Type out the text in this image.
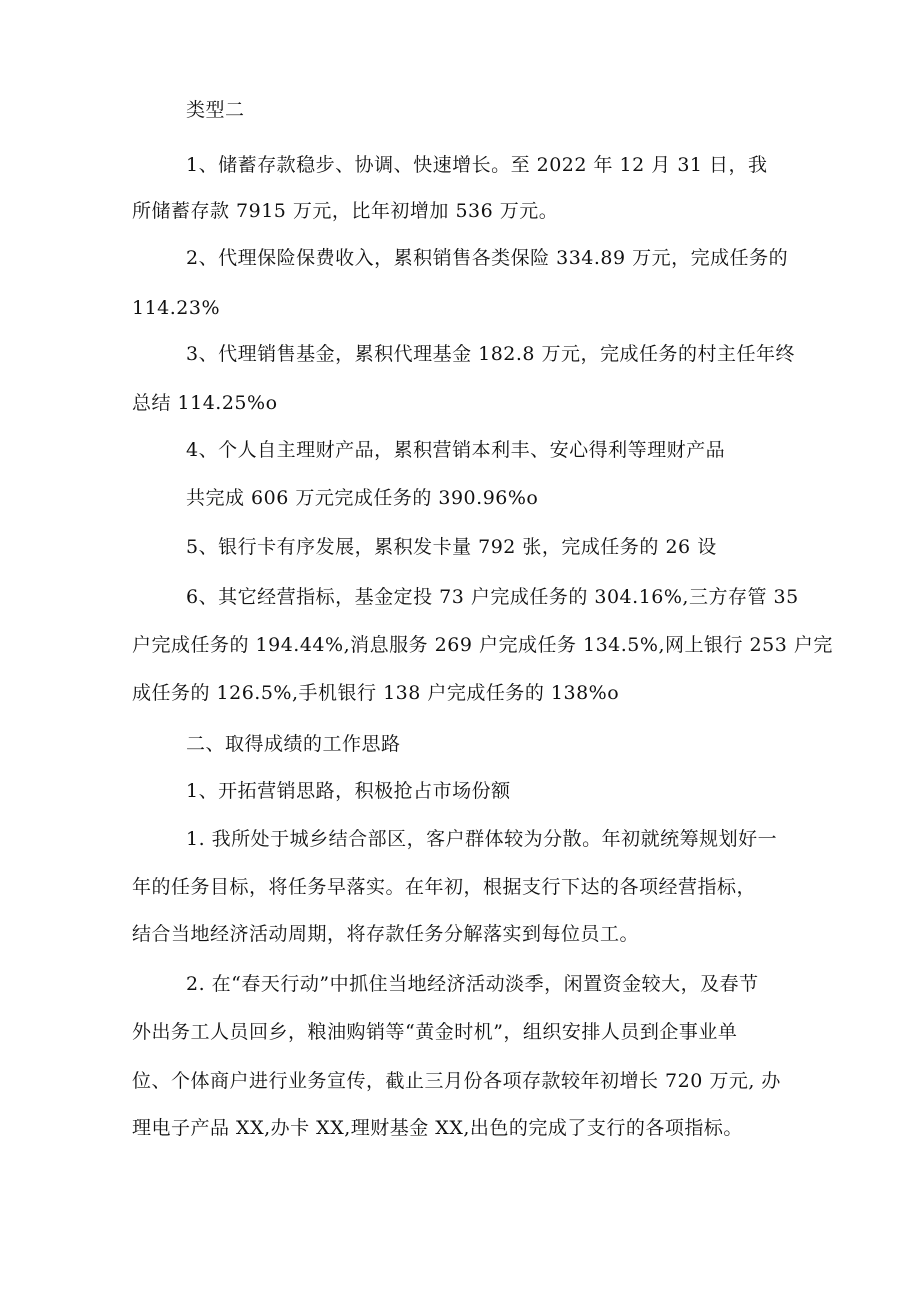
类型二
1、储蓄存款稳步、协调、快速增长。至 2022 年 12 月 31 日，我
所储蓄存款 7915 万元，比年初增加 536 万元。
2、代理保险保费收入，累积销售各类保险 334.89 万元，完成任务的
114.23%
3、代理销售基金，累积代理基金 182.8 万元，完成任务的村主任年终
总结 114.25%o
4、个人自主理财产品，累积营销本利丰、安心得利等理财产品
共完成 606 万元完成任务的 390.96%o
5、银行卡有序发展，累积发卡量 792 张，完成任务的 26 设
6、其它经营指标，基金定投 73 户完成任务的 304.16%,三方存管 35
户完成任务的 194.44%,消息服务 269 户完成任务 134.5%,网上银行 253 户完
成任务的 126.5%,手机银行 138 户完成任务的 138%o
二、取得成绩的工作思路
1、开拓营销思路，积极抢占市场份额
1. 我所处于城乡结合部区，客户群体较为分散。年初就统筹规划好一
年的任务目标，将任务早落实。在年初，根据支行下达的各项经营指标，
结合当地经济活动周期，将存款任务分解落实到每位员工。
2. 在“春天行动”中抓住当地经济活动淡季，闲置资金较大，及春节
外出务工人员回乡，粮油购销等“黄金时机”，组织安排人员到企事业单
位、个体商户进行业务宣传，截止三月份各项存款较年初增长 720 万元, 办
理电子产品 XX,办卡 XX,理财基金 XX,出色的完成了支行的各项指标。
